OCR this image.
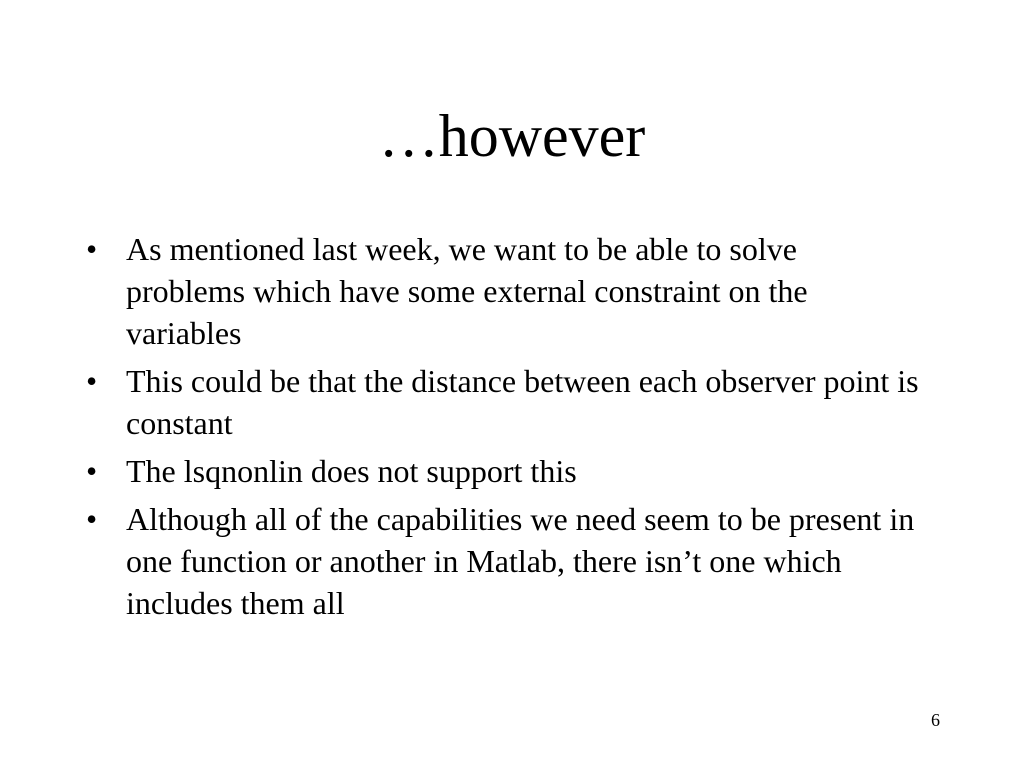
…however
• As mentioned last week, we want to be able to solve problems which have some external constraint on the variables
• This could be that the distance between each observer point is constant
• The lsqnonlin does not support this
• Although all of the capabilities we need seem to be present in one function or another in Matlab, there isn’t one which includes them all
6
